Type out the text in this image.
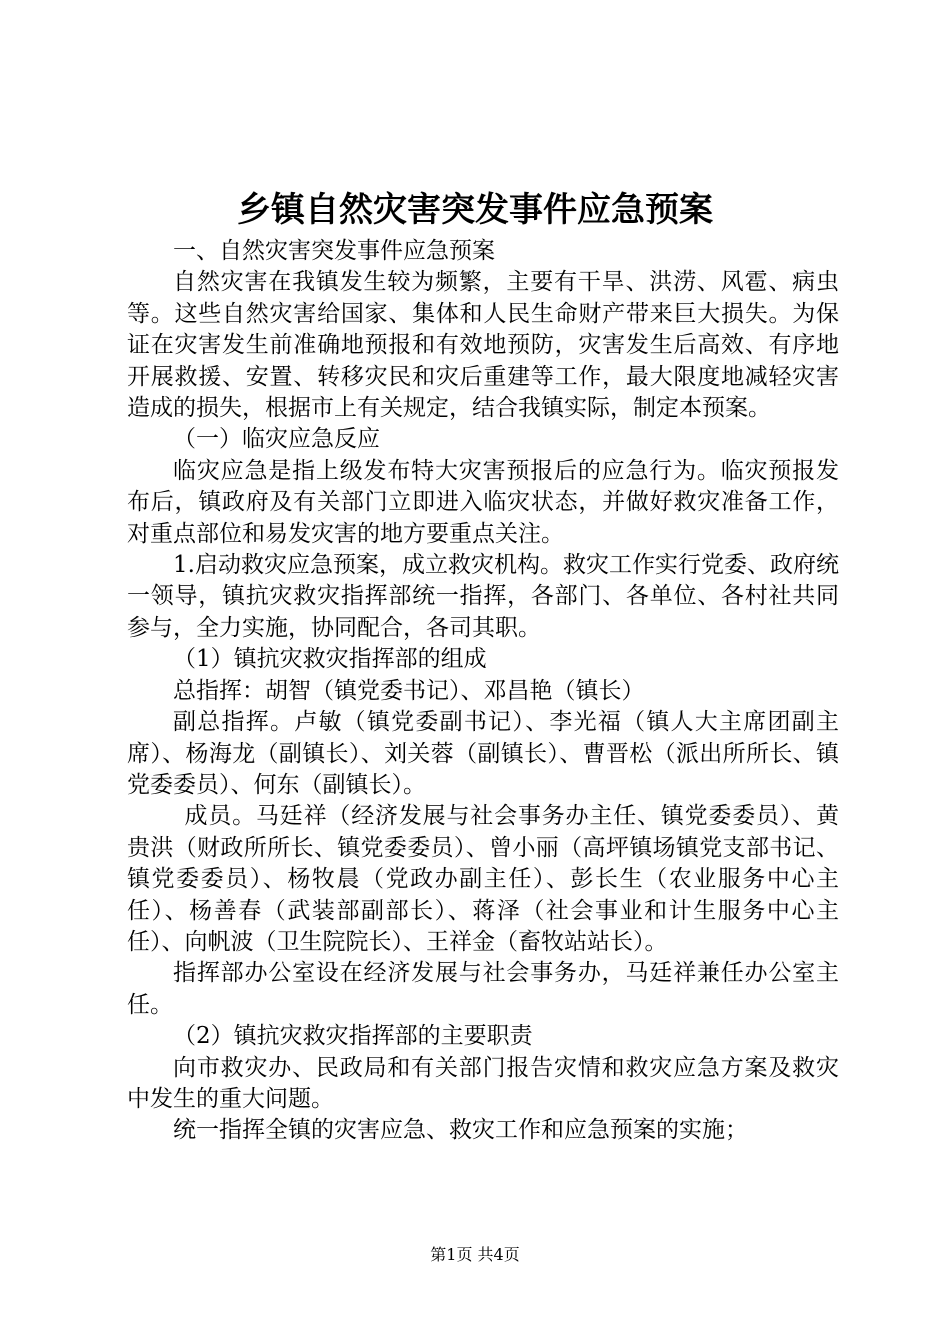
乡镇自然灾害突发事件应急预案

一、自然灾害突发事件应急预案

自然灾害在我镇发生较为频繁，主要有干旱、洪涝、风雹、病虫等。这些自然灾害给国家、集体和人民生命财产带来巨大损失。为保证在灾害发生前准确地预报和有效地预防，灾害发生后高效、有序地开展救援、安置、转移灾民和灾后重建等工作，最大限度地减轻灾害造成的损失，根据市上有关规定，结合我镇实际，制定本预案。

（一）临灾应急反应

临灾应急是指上级发布特大灾害预报后的应急行为。临灾预报发布后，镇政府及有关部门立即进入临灾状态，并做好救灾准备工作，对重点部位和易发灾害的地方要重点关注。

1.启动救灾应急预案，成立救灾机构。救灾工作实行党委、政府统一领导，镇抗灾救灾指挥部统一指挥，各部门、各单位、各村社共同参与，全力实施，协同配合，各司其职。

（1）镇抗灾救灾指挥部的组成

总指挥：胡智（镇党委书记）、邓昌艳（镇长）

副总指挥。卢敏（镇党委副书记）、李光福（镇人大主席团副主席）、杨海龙（副镇长）、刘关蓉（副镇长）、曹晋松（派出所所长、镇党委委员）、何东（副镇长）。

成员。马廷祥（经济发展与社会事务办主任、镇党委委员）、黄贵洪（财政所所长、镇党委委员）、曾小丽（高坪镇场镇党支部书记、镇党委委员）、杨牧晨（党政办副主任）、彭长生（农业服务中心主任）、杨善春（武装部副部长）、蒋泽（社会事业和计生服务中心主任）、向帆波（卫生院院长）、王祥金（畜牧站站长）。

指挥部办公室设在经济发展与社会事务办，马廷祥兼任办公室主任。

（2）镇抗灾救灾指挥部的主要职责

向市救灾办、民政局和有关部门报告灾情和救灾应急方案及救灾中发生的重大问题。

统一指挥全镇的灾害应急、救灾工作和应急预案的实施；

第1页 共4页
